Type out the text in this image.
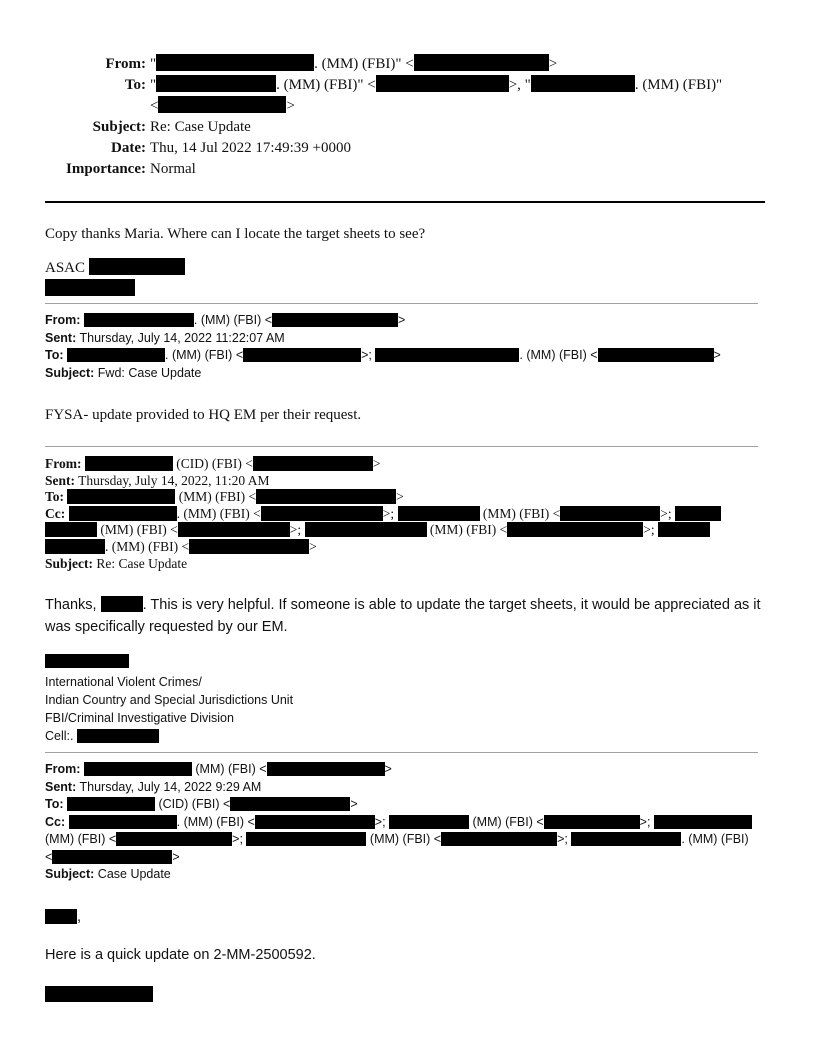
From: "	. (MM) (FBI)" <	>
To: "	. (MM) (FBI)" <	>, "	. (MM) (FBI)"
<	>
Subject: Re: Case Update
Date: Thu, 14 Jul 2022 17:49:39 +0000
Importance: Normal
Copy thanks Maria. Where can I locate the target sheets to see?
ASAC

From:	. (MM) (FBI) <	>
Sent: Thursday, July 14, 2022 11:22:07 AM
To:	. (MM) (FBI) <	>;	. (MM) (FBI) <	>
Subject: Fwd: Case Update
FYSA- update provided to HQ EM per their request.
From:	(CID) (FBI) <	>
Sent: Thursday, July 14, 2022, 11:20 AM
To:	(MM) (FBI) <	>
Cc:	. (MM) (FBI) <	>;	(MM) (FBI) <	>;
(MM) (FBI) <	>;	(MM) (FBI) <	>;
. (MM) (FBI) <	>
Subject: Re: Case Update
Thanks,	. This is very helpful. If someone is able to update the target sheets, it would be appreciated as it was specifically requested by our EM.
International Violent Crimes/
Indian Country and Special Jurisdictions Unit
FBI/Criminal Investigative Division
Cell:.
From:	(MM) (FBI) <	>
Sent: Thursday, July 14, 2022 9:29 AM
To:	(CID) (FBI) <	>
Cc:	. (MM) (FBI) <	>;	(MM) (FBI) <	>;
(MM) (FBI) <	>;	(MM) (FBI) <	>;	. (MM) (FBI)
<	>
Subject: Case Update
,
Here is a quick update on 2-MM-2500592.
